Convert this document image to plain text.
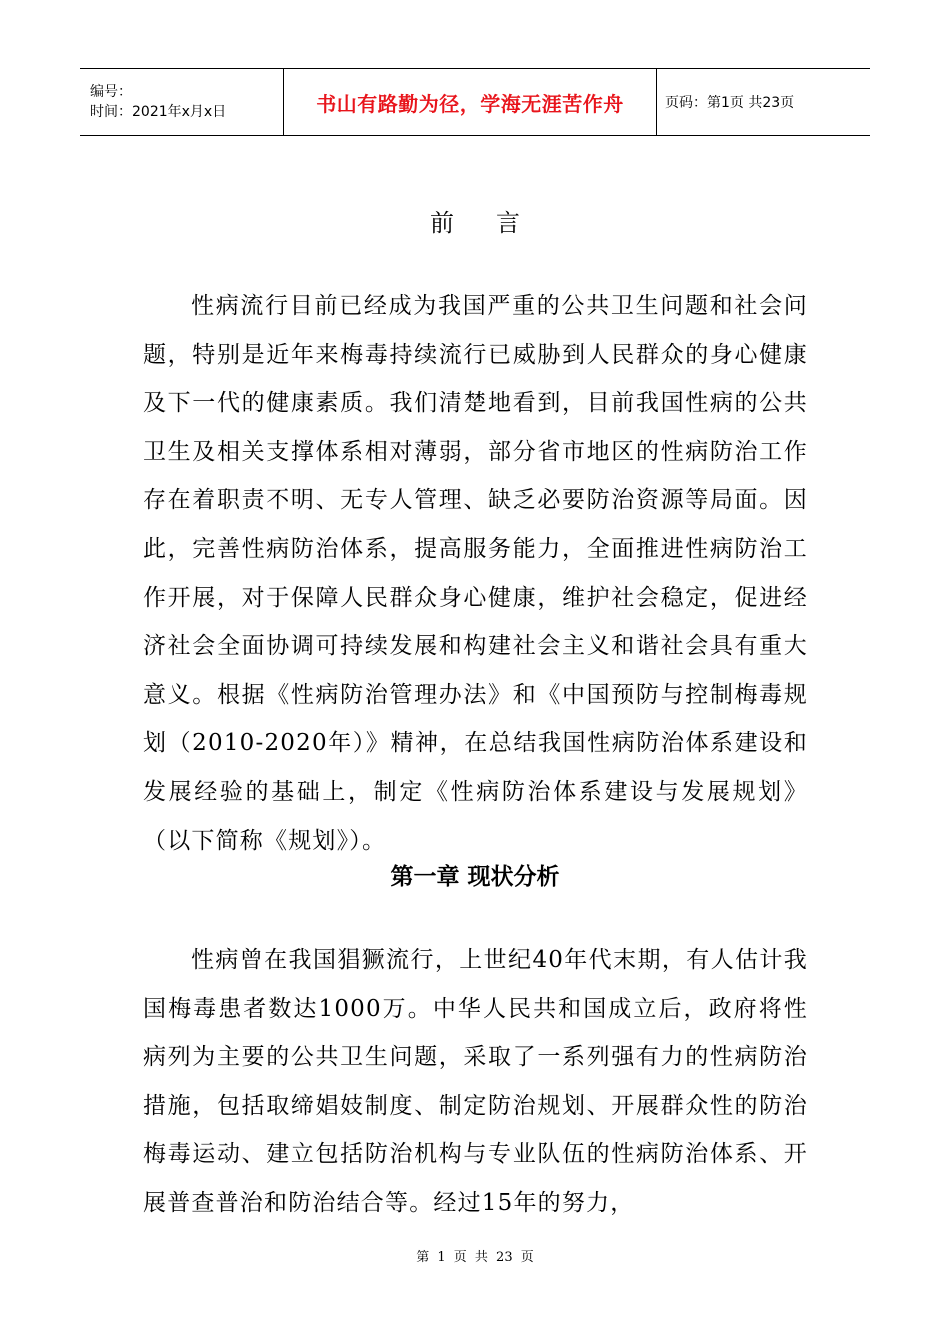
编号：
时间：2021年x月x日	书山有路勤为径，学海无涯苦作舟	页码：第1页 共23页
前言

性病流行目前已经成为我国严重的公共卫生问题和社会问题，特别是近年来梅毒持续流行已威胁到人民群众的身心健康及下一代的健康素质。我们清楚地看到，目前我国性病的公共卫生及相关支撑体系相对薄弱，部分省市地区的性病防治工作存在着职责不明、无专人管理、缺乏必要防治资源等局面。因此，完善性病防治体系，提高服务能力，全面推进性病防治工作开展，对于保障人民群众身心健康，维护社会稳定，促进经济社会全面协调可持续发展和构建社会主义和谐社会具有重大意义。根据《性病防治管理办法》和《中国预防与控制梅毒规划（2010-2020年）》精神，在总结我国性病防治体系建设和发展经验的基础上，制定《性病防治体系建设与发展规划》（以下简称《规划》）。

第一章 现状分析

性病曾在我国猖獗流行，上世纪40年代末期，有人估计我国梅毒患者数达1000万。中华人民共和国成立后，政府将性病列为主要的公共卫生问题，采取了一系列强有力的性病防治措施，包括取缔娼妓制度、制定防治规划、开展群众性的防治梅毒运动、建立包括防治机构与专业队伍的性病防治体系、开展普查普治和防治结合等。经过15年的努力，

第 1 页 共 23 页
